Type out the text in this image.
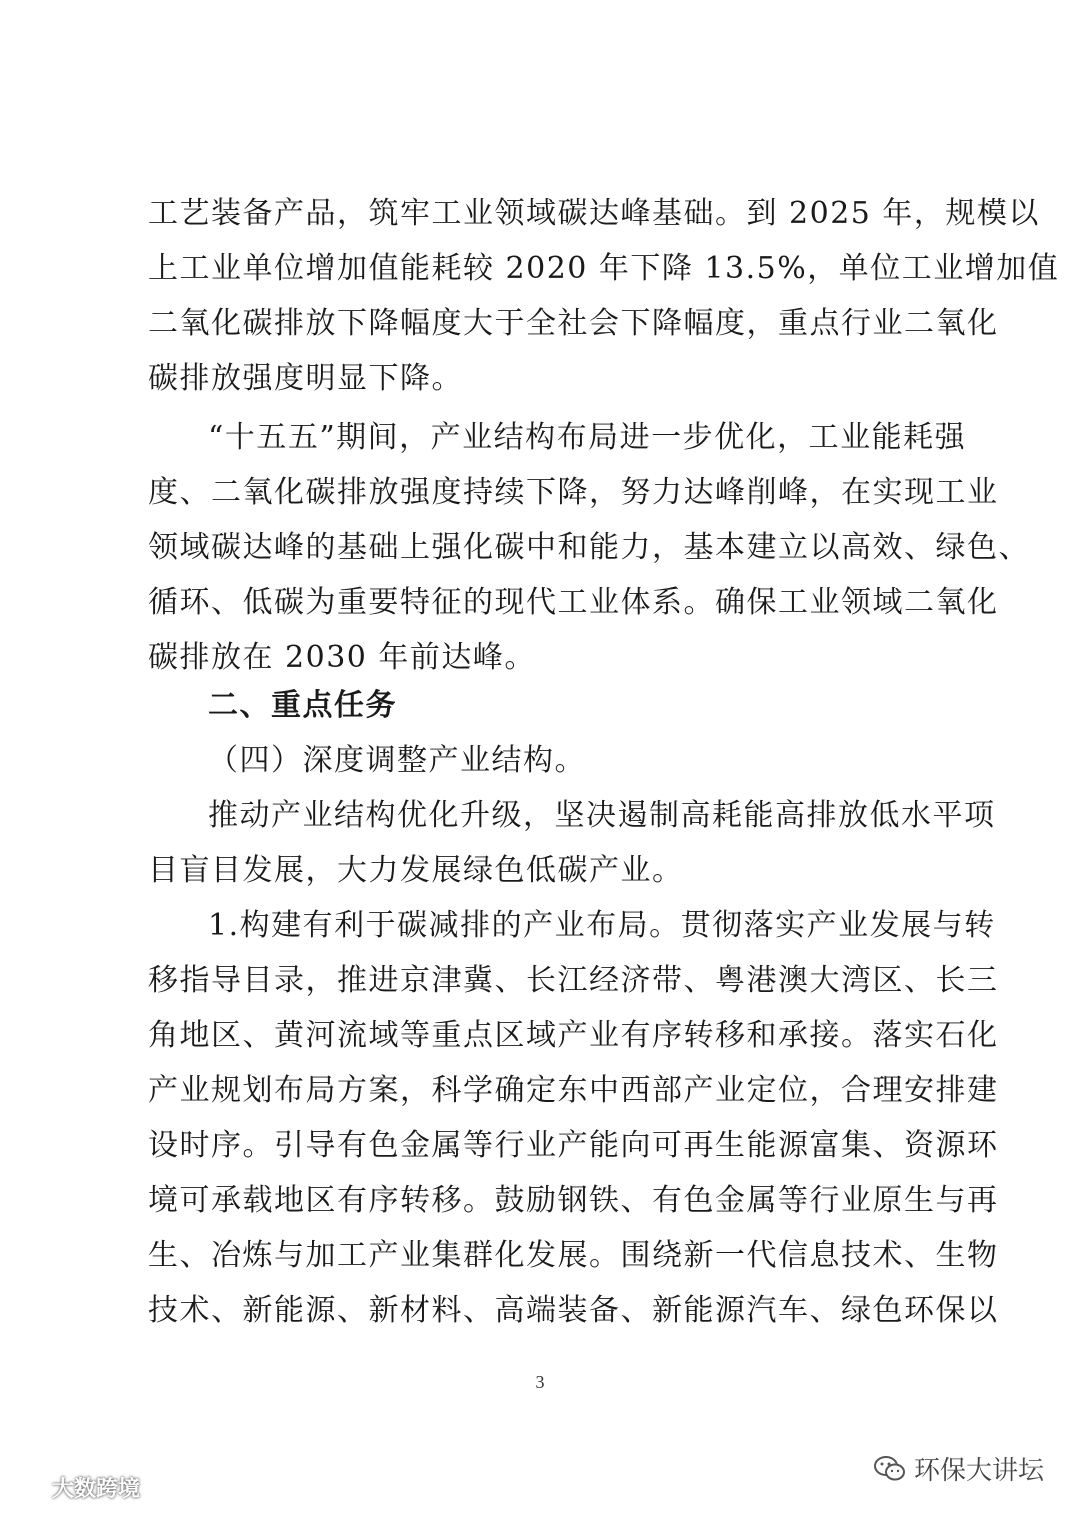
工艺装备产品，筑牢工业领域碳达峰基础。到 2025 年，规模以
上工业单位增加值能耗较 2020 年下降 13.5%，单位工业增加值
二氧化碳排放下降幅度大于全社会下降幅度，重点行业二氧化
碳排放强度明显下降。
“十五五”期间，产业结构布局进一步优化，工业能耗强
度、二氧化碳排放强度持续下降，努力达峰削峰，在实现工业
领域碳达峰的基础上强化碳中和能力，基本建立以高效、绿色、
循环、低碳为重要特征的现代工业体系。确保工业领域二氧化
碳排放在 2030 年前达峰。
二、重点任务
（四）深度调整产业结构。
推动产业结构优化升级，坚决遏制高耗能高排放低水平项
目盲目发展，大力发展绿色低碳产业。
1.构建有利于碳减排的产业布局。贯彻落实产业发展与转
移指导目录，推进京津冀、长江经济带、粤港澳大湾区、长三
角地区、黄河流域等重点区域产业有序转移和承接。落实石化
产业规划布局方案，科学确定东中西部产业定位，合理安排建
设时序。引导有色金属等行业产能向可再生能源富集、资源环
境可承载地区有序转移。鼓励钢铁、有色金属等行业原生与再
生、冶炼与加工产业集群化发展。围绕新一代信息技术、生物
技术、新能源、新材料、高端装备、新能源汽车、绿色环保以
3
大数跨境
环保大讲坛
